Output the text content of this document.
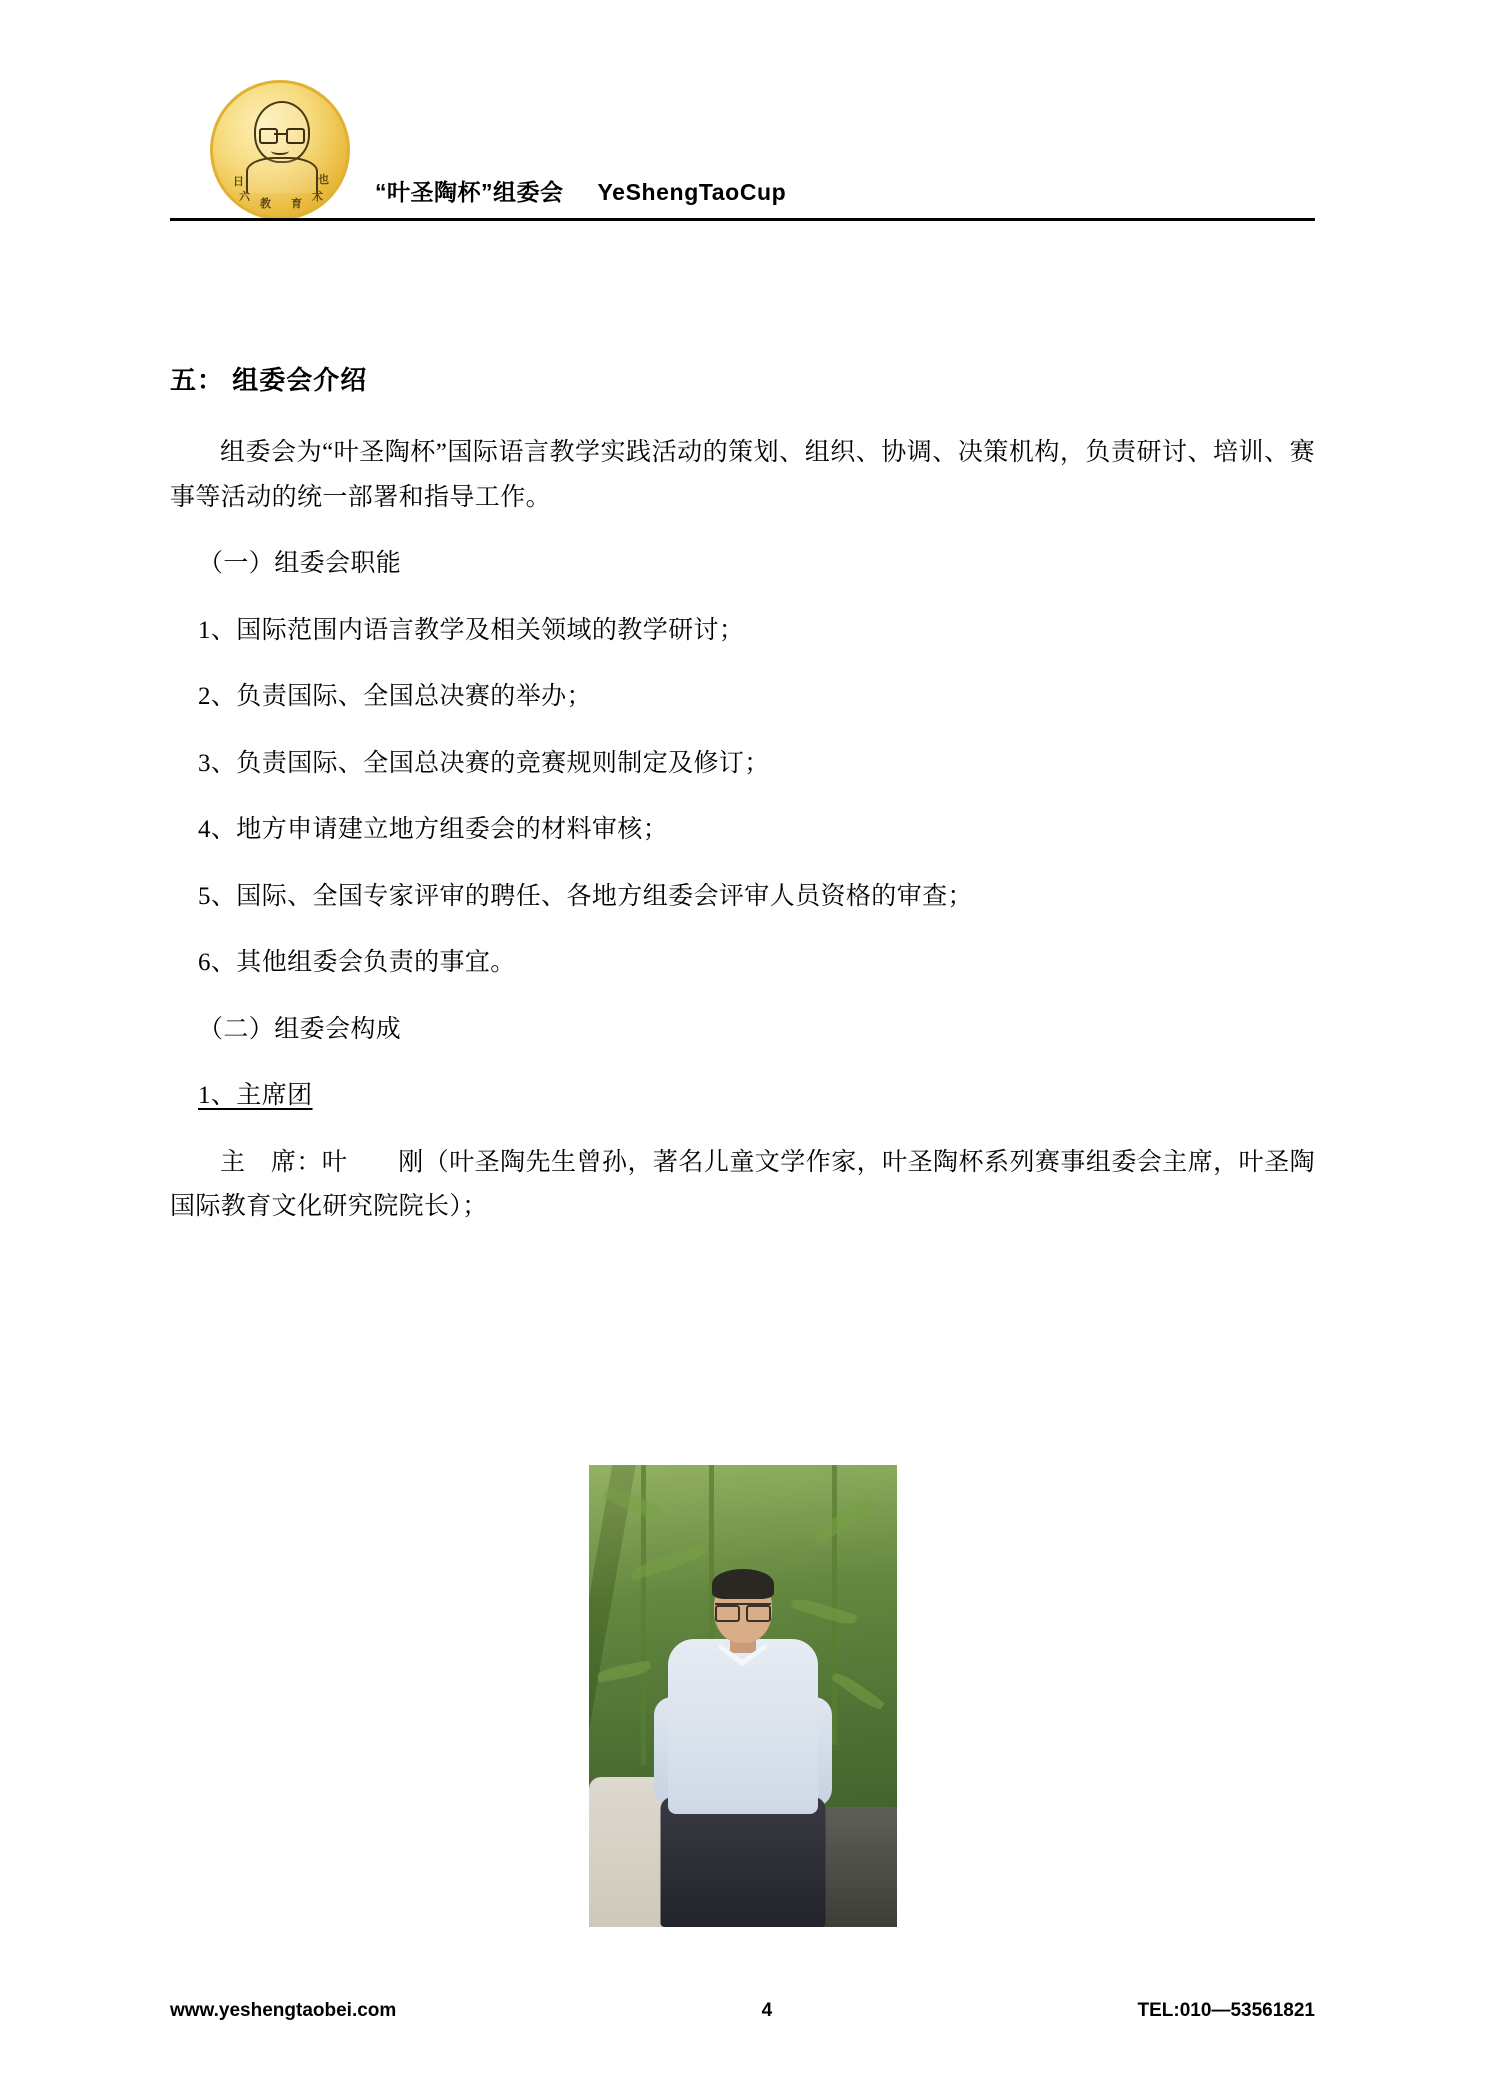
日
六
教 育
术
也 “叶圣陶杯”组委会 YeShengTaoCup
五： 组委会介绍

组委会为“叶圣陶杯”国际语言教学实践活动的策划、组织、协调、决策机构，负责研讨、培训、赛事等活动的统一部署和指导工作。

（一）组委会职能

1、国际范围内语言教学及相关领域的教学研讨；

2、负责国际、全国总决赛的举办；

3、负责国际、全国总决赛的竞赛规则制定及修订；

4、地方申请建立地方组委会的材料审核；

5、国际、全国专家评审的聘任、各地方组委会评审人员资格的审查；

6、其他组委会负责的事宜。

（二）组委会构成

1、主席团

主　席：叶　　刚（叶圣陶先生曾孙，著名儿童文学作家，叶圣陶杯系列赛事组委会主席，叶圣陶国际教育文化研究院院长）；

www.yeshengtaobei.com	4	TEL:010—53561821
